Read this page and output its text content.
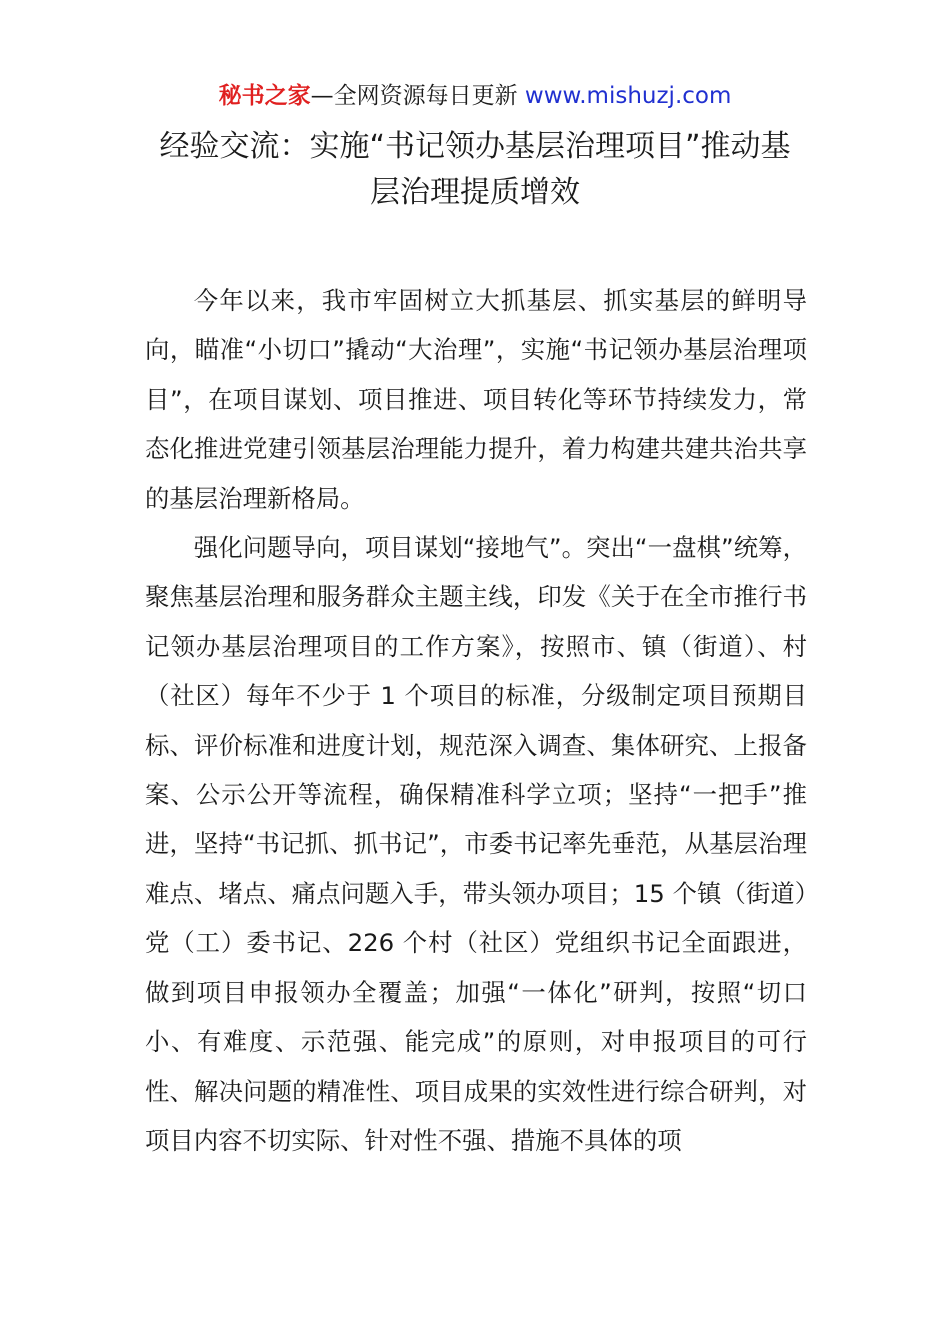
秘书之家—全网资源每日更新 www.mishuzj.com
经验交流：实施“书记领办基层治理项目”推动基层治理提质增效

今年以来，我市牢固树立大抓基层、抓实基层的鲜明导向，瞄准“小切口”撬动“大治理”，实施“书记领办基层治理项目”，在项目谋划、项目推进、项目转化等环节持续发力，常态化推进党建引领基层治理能力提升，着力构建共建共治共享的基层治理新格局。

强化问题导向，项目谋划“接地气”。突出“一盘棋”统筹，聚焦基层治理和服务群众主题主线，印发《关于在全市推行书记领办基层治理项目的工作方案》，按照市、镇（街道）、村（社区）每年不少于 1 个项目的标准，分级制定项目预期目标、评价标准和进度计划，规范深入调查、集体研究、上报备案、公示公开等流程，确保精准科学立项；坚持“一把手”推进，坚持“书记抓、抓书记”，市委书记率先垂范，从基层治理难点、堵点、痛点问题入手，带头领办项目；15 个镇（街道）党（工）委书记、226 个村（社区）党组织书记全面跟进，做到项目申报领办全覆盖；加强“一体化”研判，按照“切口小、有难度、示范强、能完成”的原则，对申报项目的可行性、解决问题的精准性、项目成果的实效性进行综合研判，对项目内容不切实际、针对性不强、措施不具体的项
